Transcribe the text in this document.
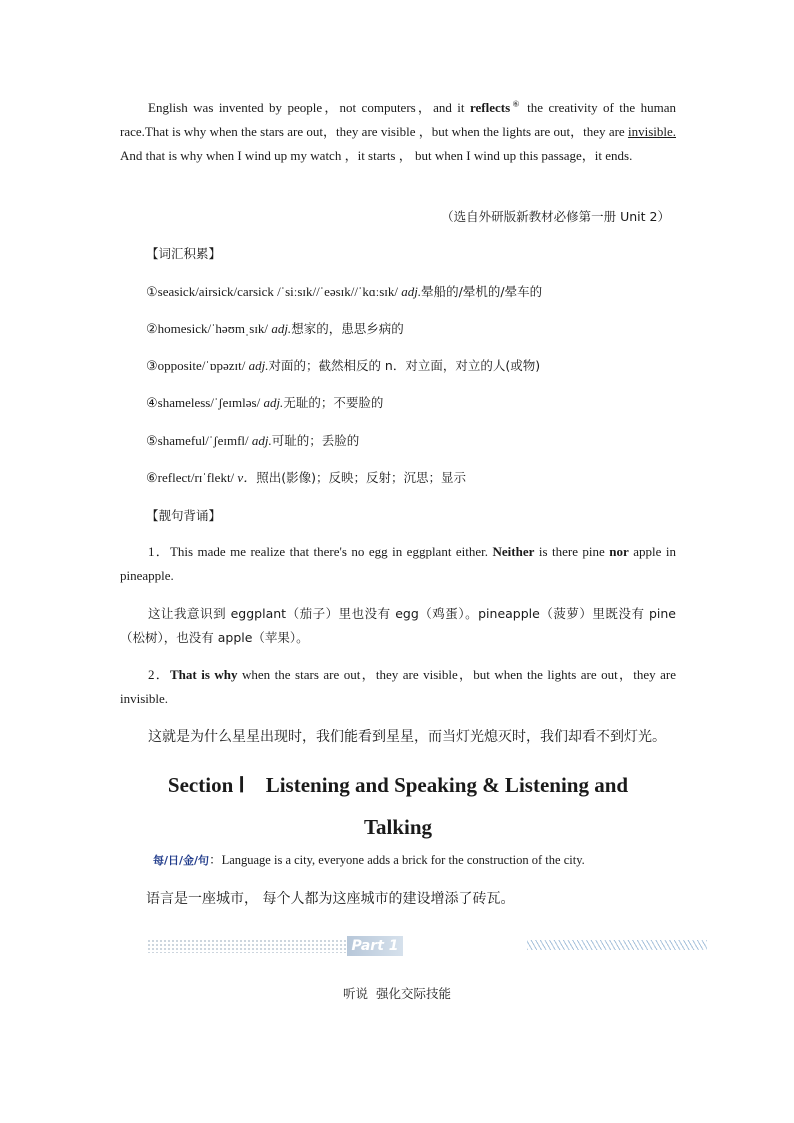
English was invented by people，not computers，and it reflects⑥ the creativity of the human race.That is why when the stars are out，they are visible ，but when the lights are out，they are invisible. And that is why when I wind up my watch ，it starts ， but when I wind up this passage，it ends.

（选自外研版新教材必修第一册 Unit 2）
【词汇积累】
①seasick/airsick/carsick /ˈsiːsɪk//ˈeəsɪk//ˈkɑːsɪk/ adj.晕船的/晕机的/晕车的
②homesick/ˈhəʊmˌsɪk/ adj.想家的，患思乡病的
③opposite/ˈɒpəzɪt/ adj.对面的；截然相反的 n．对立面，对立的人(或物)
④shameless/ˈʃeɪmləs/ adj.无耻的；不要脸的
⑤shameful/ˈʃeɪmfl/ adj.可耻的；丢脸的
⑥reflect/rɪˈflekt/ v．照出(影像)；反映；反射；沉思；显示
【靓句背诵】

1．This made me realize that there's no egg in eggplant either. Neither is there pine nor apple in pineapple.

这让我意识到 eggplant（茄子）里也没有 egg（鸡蛋）。pineapple（菠萝）里既没有 pine（松树），也没有 apple（苹果）。

2．That is why when the stars are out，they are visible，but when the lights are out，they are invisible.

这就是为什么星星出现时，我们能看到星星，而当灯光熄灭时，我们却看不到灯光。

Section Ⅰ    Listening and Speaking & Listening and
Talking
每/日/金/句：Language is a city, everyone adds a brick for the construction of the city.
语言是一座城市， 每个人都为这座城市的建设增添了砖瓦。
Part 1
听说  强化交际技能
